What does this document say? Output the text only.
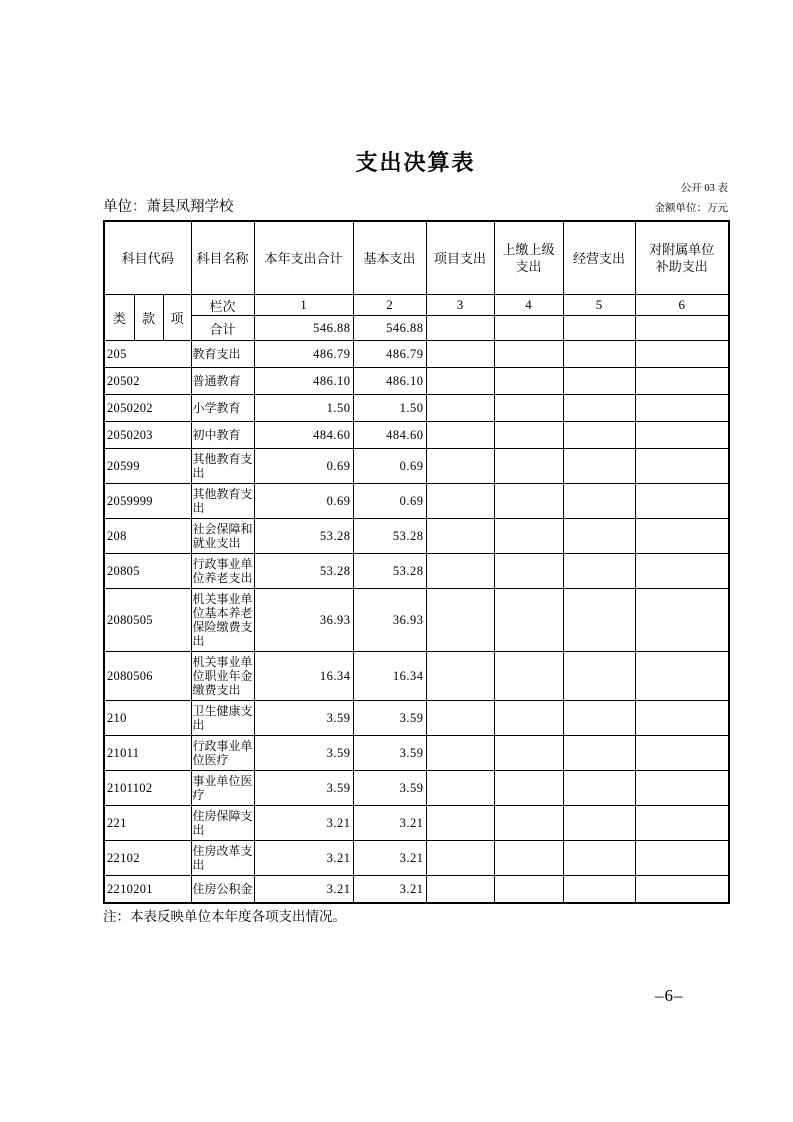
支出决算表
公开 03 表
单位：萧县凤翔学校	金额单位：万元
科目代码			科目名称	本年支出合计	基本支出	项目支出	上缴上级支出	经营支出	对附属单位补助支出
类	款	项	栏次	1	2	3	4	5	6
			合计	546.88	546.88				
205			教育支出	486.79	486.79				
20502			普通教育	486.10	486.10				
2050202			小学教育	1.50	1.50				
2050203			初中教育	484.60	484.60				
20599			其他教育支出	0.69	0.69				
2059999			其他教育支出	0.69	0.69				
208			社会保障和就业支出	53.28	53.28				
20805			行政事业单位养老支出	53.28	53.28				
2080505			机关事业单位基本养老保险缴费支出	36.93	36.93				
2080506			机关事业单位职业年金缴费支出	16.34	16.34				
210			卫生健康支出	3.59	3.59				
21011			行政事业单位医疗	3.59	3.59				
2101102			事业单位医疗	3.59	3.59				
221			住房保障支出	3.21	3.21				
22102			住房改革支出	3.21	3.21				
2210201			住房公积金	3.21	3.21				
注：本表反映单位本年度各项支出情况。
–6–
